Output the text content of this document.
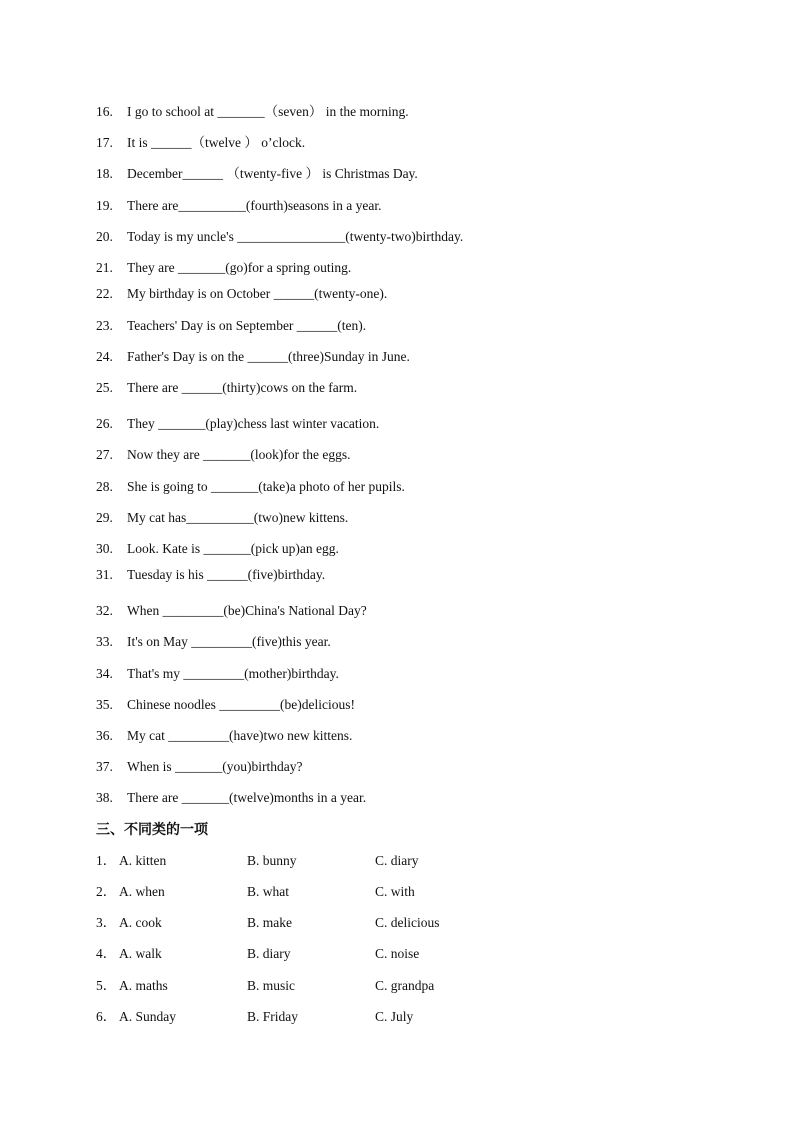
16. I go to school at _______（seven） in the morning.
17. It is ______（twelve ） o’clock.
18. December______ （twenty-five ） is Christmas Day.
19. There are__________(fourth)seasons in a year.
20. Today is my uncle's ________________(twenty-two)birthday.
21. They are _______(go)for a spring outing.
22. My birthday is on October ______(twenty-one).
23. Teachers' Day is on September ______(ten).
24. Father's Day is on the ______(three)Sunday in June.
25. There are ______(thirty)cows on the farm.
26. They _______(play)chess last winter vacation.
27. Now they are _______(look)for the eggs.
28. She is going to _______(take)a photo of her pupils.
29. My cat has__________(two)new kittens.
30. Look. Kate is _______(pick up)an egg.
31. Tuesday is his ______(five)birthday.
32. When _________(be)China's National Day?
33. It's on May _________(five)this year.
34. That's my _________(mother)birthday.
35. Chinese noodles _________(be)delicious!
36. My cat _________(have)two new kittens.
37. When is _______(you)birthday?
38. There are _______(twelve)months in a year.
三、不同类的一项
1． A. kitten	B. bunny	C. diary
2． A. when	B. what	C. with
3． A. cook	B. make	C. delicious
4． A. walk	B. diary	C. noise
5． A. maths	B. music	C. grandpa
6． A. Sunday	B. Friday	C. July
